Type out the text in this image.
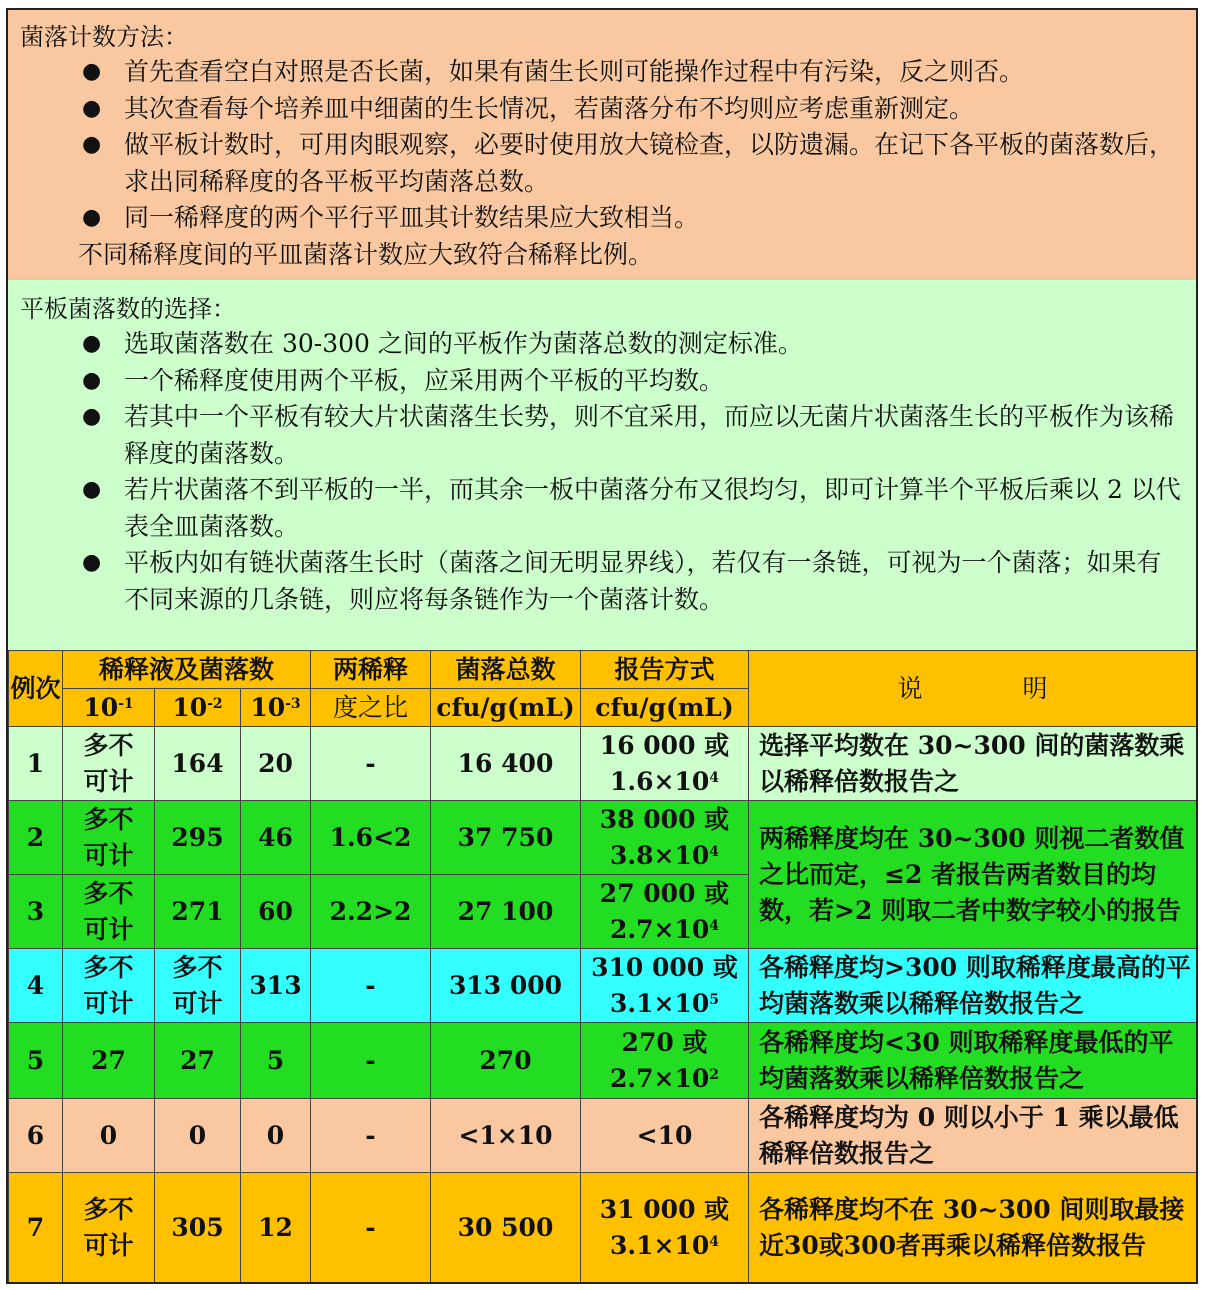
菌落计数方法：
● 首先查看空白对照是否长菌，如果有菌生长则可能操作过程中有污染，反之则否。
● 其次查看每个培养皿中细菌的生长情况，若菌落分布不均则应考虑重新测定。
● 做平板计数时，可用肉眼观察，必要时使用放大镜检查，以防遗漏。在记下各平板的菌落数后，求出同稀释度的各平板平均菌落总数。
● 同一稀释度的两个平行平皿其计数结果应大致相当。
不同稀释度间的平皿菌落计数应大致符合稀释比例。
平板菌落数的选择：
● 选取菌落数在 30-300 之间的平板作为菌落总数的测定标准。
● 一个稀释度使用两个平板，应采用两个平板的平均数。
● 若其中一个平板有较大片状菌落生长势，则不宜采用，而应以无菌片状菌落生长的平板作为该稀释度的菌落数。
● 若片状菌落不到平板的一半，而其余一板中菌落分布又很均匀，即可计算半个平板后乘以 2 以代表全皿菌落数。
● 平板内如有链状菌落生长时（菌落之间无明显界线），若仅有一条链，可视为一个菌落；如果有不同来源的几条链，则应将每条链作为一个菌落计数。
例次	稀释液及菌落数			两稀释	菌落总数	报告方式	说　　　　明
	$10^{-1}$	$10^{-2}$	$10^{-3}$	度之比	cfu/g(mL)	cfu/g(mL)	
1	多不可计	164	20	-	16 400	16 000 或
$1.6\times 10^4$	选择平均数在 30~300 间的菌落数乘以稀释倍数报告之
2	多不可计	295	46	1.6<2	37 750	38 000 或
$3.8\times 10^4$	两稀释度均在 30~300 则视二者数值之比而定，≤2 者报告两者数目的均数，若>2 则取二者中数字较小的报告
3	多不可计	271	60	2.2>2	27 100	27 000 或
$2.7\times 10^4$

4	多不可计	多不可计	313	-	313 000	310 000 或
$3.1\times 10^5$	各稀释度均>300 则取稀释度最高的平均菌落数乘以稀释倍数报告之
5	27	27	5	-	270	270 或
$2.7\times 10^2$	各稀释度均<30 则取稀释度最低的平均菌落数乘以稀释倍数报告之
6	0	0	0	-	<1×10	<10	各稀释度均为 0 则以小于 1 乘以最低稀释倍数报告之
7	多不可计	305	12	-	30 500	31 000 或
$3.1\times 10^4$	各稀释度均不在 30~300 间则取最接近30或300者再乘以稀释倍数报告
